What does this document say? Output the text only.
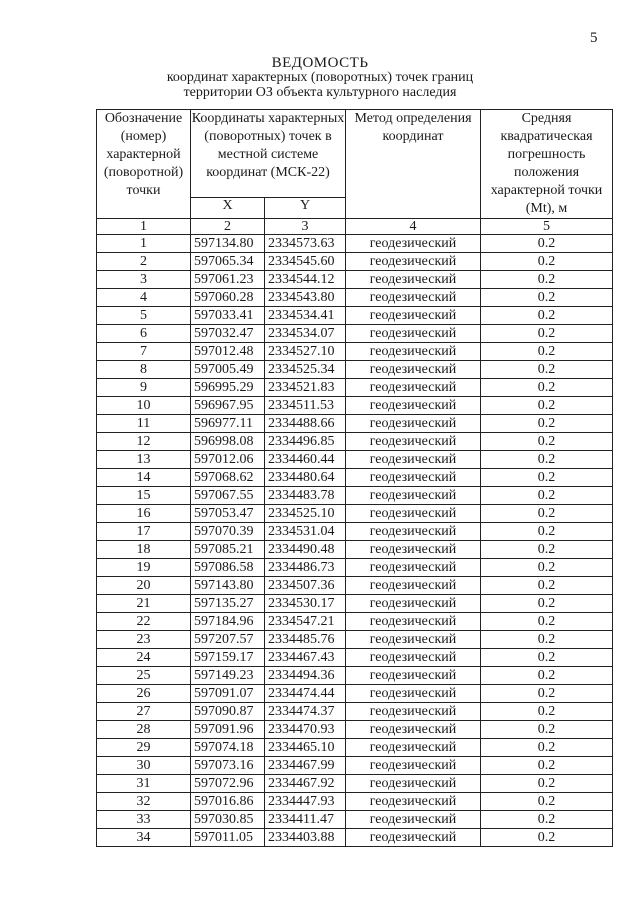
5
ВЕДОМОСТЬ
координат характерных (поворотных) точек границ
территории ОЗ объекта культурного наследия
Обозначение (номер) характерной (поворотной) точки	Координаты характерных (поворотных) точек в местной системе координат (МСК-22)		Метод определения координат	Средняя квадратическая погрешность положения характерной точки (Mt), м
	X	Y		
1	2	3	4	5
1	597134.80	2334573.63	геодезический	0.2
2	597065.34	2334545.60	геодезический	0.2
3	597061.23	2334544.12	геодезический	0.2
4	597060.28	2334543.80	геодезический	0.2
5	597033.41	2334534.41	геодезический	0.2
6	597032.47	2334534.07	геодезический	0.2
7	597012.48	2334527.10	геодезический	0.2
8	597005.49	2334525.34	геодезический	0.2
9	596995.29	2334521.83	геодезический	0.2
10	596967.95	2334511.53	геодезический	0.2
11	596977.11	2334488.66	геодезический	0.2
12	596998.08	2334496.85	геодезический	0.2
13	597012.06	2334460.44	геодезический	0.2
14	597068.62	2334480.64	геодезический	0.2
15	597067.55	2334483.78	геодезический	0.2
16	597053.47	2334525.10	геодезический	0.2
17	597070.39	2334531.04	геодезический	0.2
18	597085.21	2334490.48	геодезический	0.2
19	597086.58	2334486.73	геодезический	0.2
20	597143.80	2334507.36	геодезический	0.2
21	597135.27	2334530.17	геодезический	0.2
22	597184.96	2334547.21	геодезический	0.2
23	597207.57	2334485.76	геодезический	0.2
24	597159.17	2334467.43	геодезический	0.2
25	597149.23	2334494.36	геодезический	0.2
26	597091.07	2334474.44	геодезический	0.2
27	597090.87	2334474.37	геодезический	0.2
28	597091.96	2334470.93	геодезический	0.2
29	597074.18	2334465.10	геодезический	0.2
30	597073.16	2334467.99	геодезический	0.2
31	597072.96	2334467.92	геодезический	0.2
32	597016.86	2334447.93	геодезический	0.2
33	597030.85	2334411.47	геодезический	0.2
34	597011.05	2334403.88	геодезический	0.2
